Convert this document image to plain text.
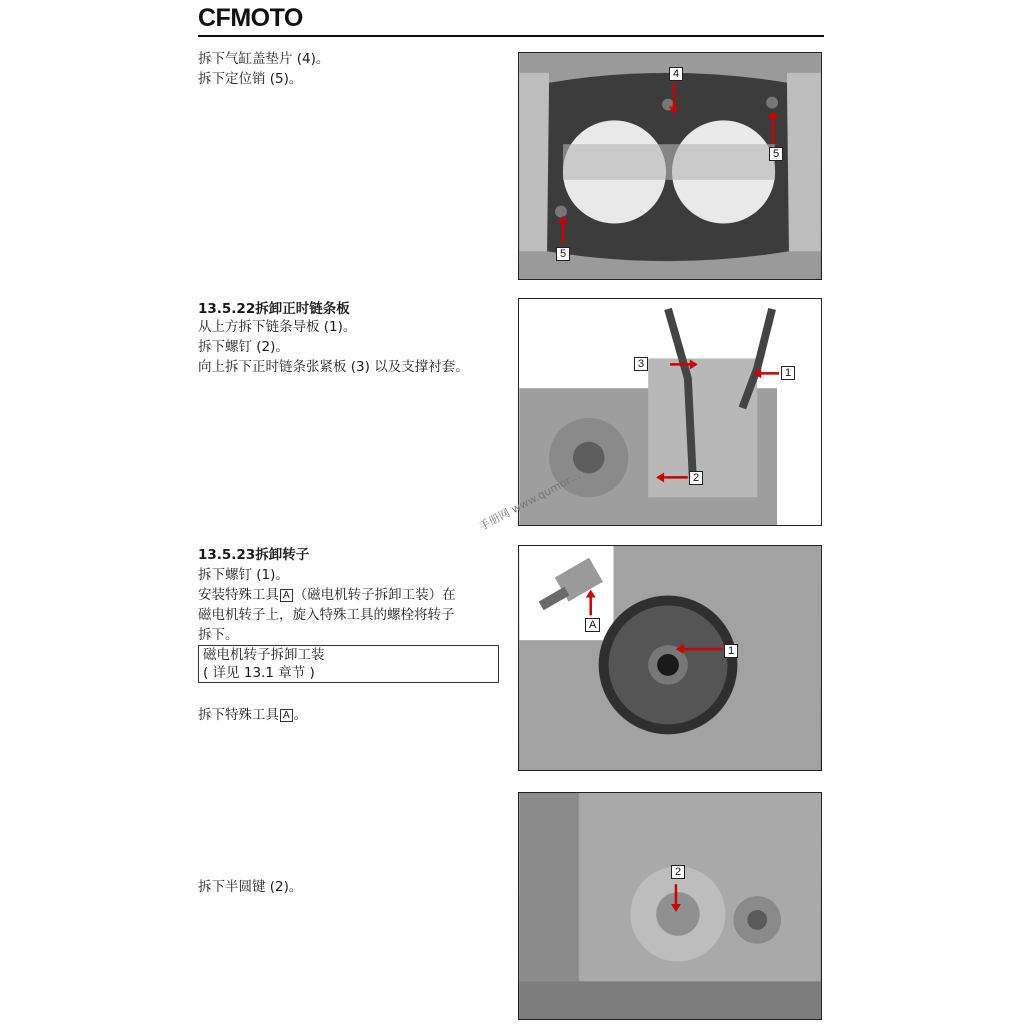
CFMOTO

拆下气缸盖垫片 (4)。

拆下定位销 (5)。	4
5
5

13.5.22拆卸正时链条板

从上方拆下链条导板 (1)。

拆下螺钉 (2)。

向上拆下正时链条张紧板 (3) 以及支撑衬套。	3
1
2

13.5.23拆卸转子

拆下螺钉 (1)。

安装特殊工具 A （磁电机转子拆卸工装）在

磁电机转子上，旋入特殊工具的螺栓将转子

拆下。

磁电机转子拆卸工装
( 详见 13.1 章节 )

拆下特殊工具 A 。

A
1

拆下半圆键 (2)。

2
手册网 www.qumor…
